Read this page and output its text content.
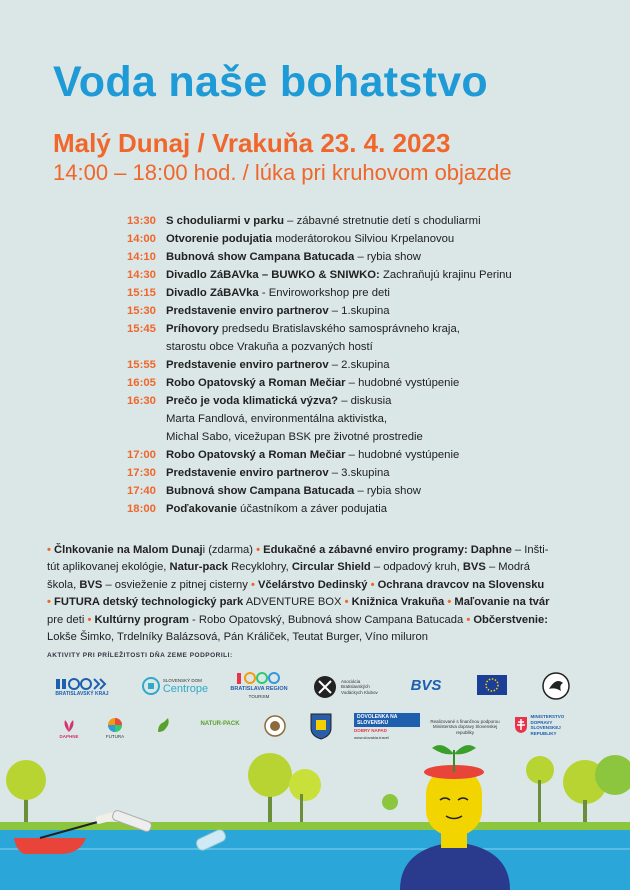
Voda naše bohatstvo
Malý Dunaj / Vrakuňa 23. 4. 2023
14:00 – 18:00 hod. / lúka pri kruhovom objazde
13:30 S choduliarmi v parku – zábavné stretnutie detí s choduliarmi
14:00 Otvorenie podujatia moderátorokou Silviou Krpelanovou
14:10 Bubnová show Campana Batucada – rybia show
14:30 Divadlo ZáBAVka – BUWKO & SNIWKO: Zachraňujú krajinu Perinu
15:15 Divadlo ZáBAVka - Enviroworkshop pre deti
15:30 Predstavenie enviro partnerov – 1.skupina
15:45 Príhovory predsedu Bratislavského samosprávneho kraja,
starostu obce Vrakuňa a pozvaných hostí
15:55 Predstavenie enviro partnerov – 2.skupina
16:05 Robo Opatovský a Roman Mečiar – hudobné vystúpenie
16:30 Prečo je voda klimatická výzva? – diskusia
Marta Fandlová, environmentálna aktivistka,
Michal Sabo, vicežupan BSK pre životné prostredie
17:00 Robo Opatovský a Roman Mečiar – hudobné vystúpenie
17:30 Predstavenie enviro partnerov – 3.skupina
17:40 Bubnová show Campana Batucada – rybia show
18:00 Poďakovanie účastníkom a záver podujatia
• Člnkovanie na Malom Dunaji (zdarma) • Edukačné a zábavné enviro programy: Daphne – Inšti-
tút aplikovanej ekológie, Natur-pack Recyklohry, Circular Shield – odpadový kruh, BVS – Modrá
škola, BVS – osvieženie z pitnej cisterny • Včelárstvo Dedinský • Ochrana dravcov na Slovensku
• FUTURA detský technologický park ADVENTURE BOX • Knižnica Vrakuňa • Maľovanie na tvár
pre deti • Kultúrny program - Robo Opatovský, Bubnová show Campana Batucada • Občerstvenie:
Lokše Šimko, Trdelníky Balázsová, Pán Králiček, Teutat Burger, Víno miluron
AKTIVITY PRI PRÍLEŽITOSTI DŇA ZEME PODPORILI:
BRATISLAVSKÝ KRAJ
SLOVENSKÝ DOM
Centrope	BRATISLAVA REGION
TOURISM
Asociácia Bratislavských Vodáckych Klubov	BVS
DAPHNE	FUTURA
NATUR-PACK
DOVOLENKA NA SLOVENSKU
DOBRY NAPAD
www.slovakia.travel
Realizované s finančnou podporou Ministerstva dopravy Slovenskej republiky
MINISTERSTVO DOPRAVY SLOVENSKEJ REPUBLIKY
